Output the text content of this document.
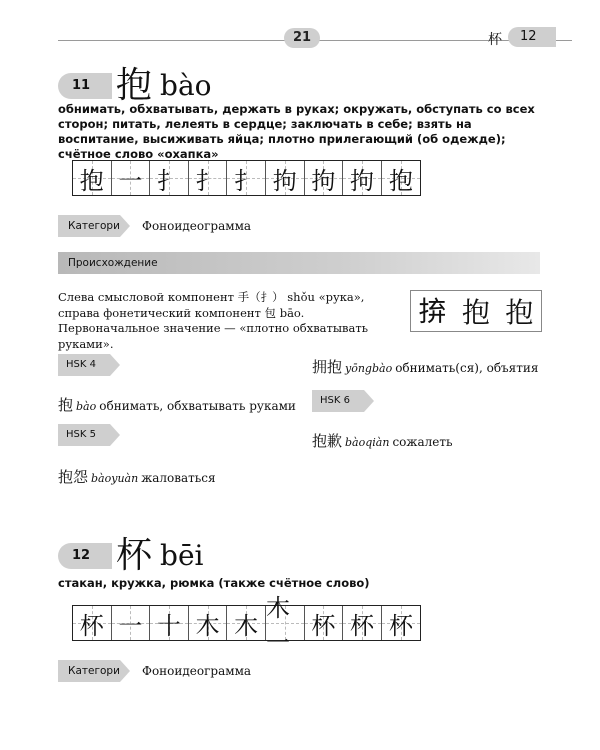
21	杯	12
11 抱 bào
обнимать, обхватывать, держать в руках; окружать, обступать со всех сторон; питать, лелеять в сердце; заключать в себе; взять на воспитание, высиживать яйца; плотно прилегающий (об одежде); счётное слово «охапка»
抱 一 扌 扌 扌 拘 拘 拘 抱
Категория Фоноидеограмма
Происхождение
Слева смысловой компонент 手（扌） shǒu «рука», справа фонетический компонент 包 bāo. Первоначальное значение — «плотно обхватывать руками».
𢬵 抱 抱
HSK 4
抱 bào обнимать, обхватывать руками
HSK 5
抱怨 bàoyuàn жаловаться
拥抱 yōngbào обнимать(ся), объятия
HSK 6
抱歉 bàoqiàn сожалеть
12 杯 bēi
стакан, кружка, рюмка (также счётное слово)
杯 一 十 木 木
木一
杯 杯 杯
Категория Фоноидеограмма
